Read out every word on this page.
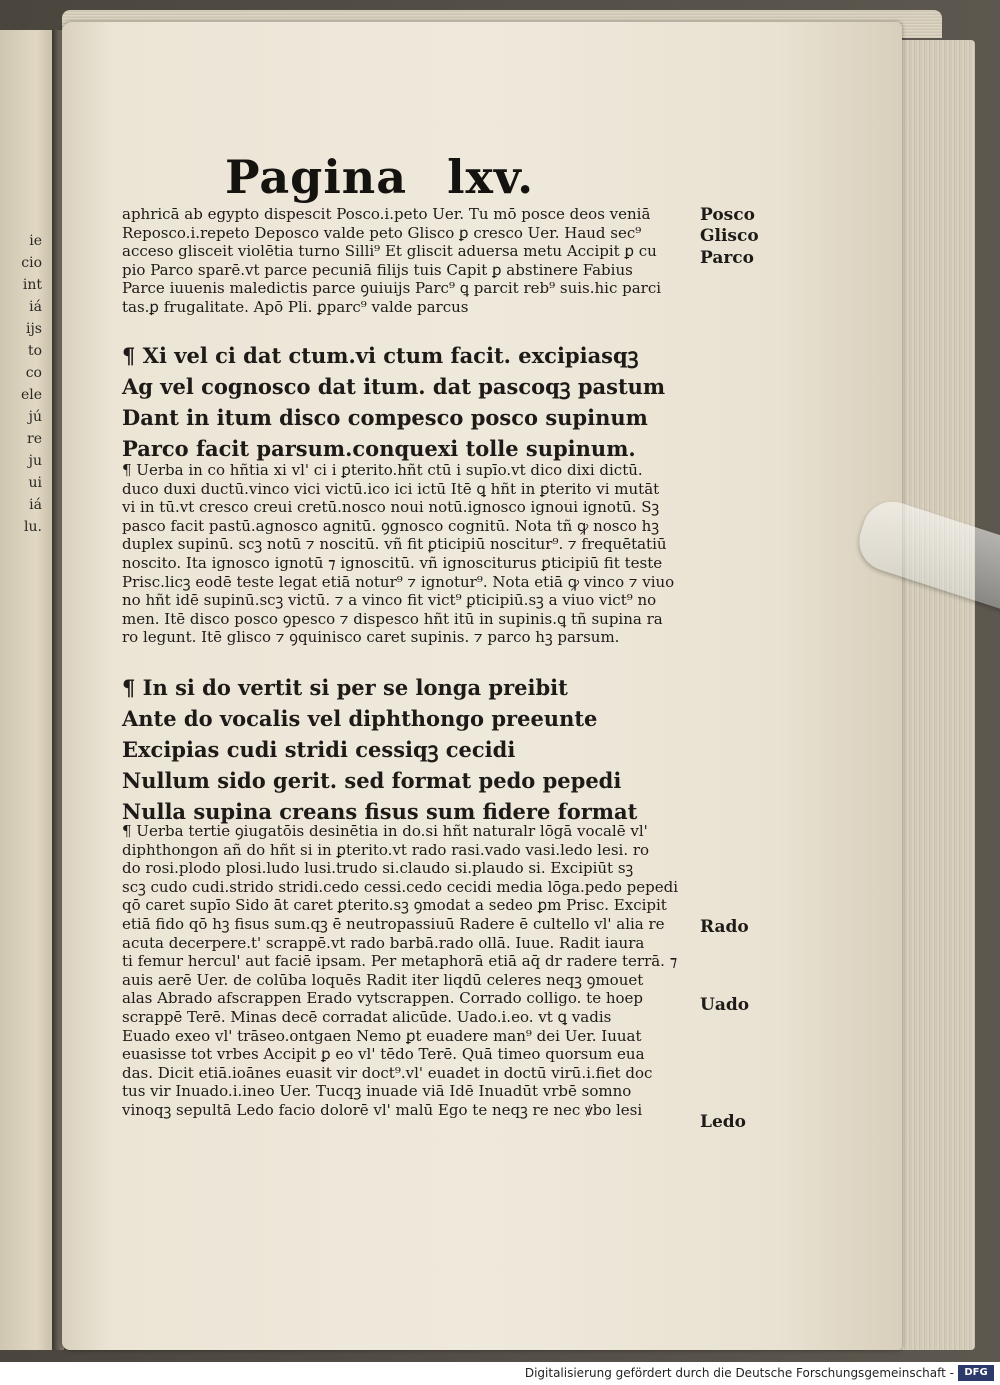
ie
cio
int
iá
ijs
to
co
ele
jú
re
ju
ui
iá
lu.
Pagina lxv.
aphricā ab egypto dispescit Posco.i.peto Uer. Tu mō posce deos veniā
Reposco.i.repeto Deposco valde peto Glisco ꝑ cresco Uer. Haud sec⁹
acceso glisceit violētia turno Silli⁹ Et gliscit aduersa metu Accipit ꝑ cu
pio Parco sparē.vt parce pecuniā filijs tuis Capit ꝑ abstinere Fabius
Parce iuuenis maledictis parce ꝯuiuijs Parc⁹ ꝗ parcit reb⁹ suis.hic parci
tas.ꝑ frugalitate. Apō Pli. ꝑparc⁹ valde parcus
¶ Xi vel ci dat ctum.vi ctum facit. excipiasqꝫ
Ag vel cognosco dat itum. dat pascoqꝫ pastum
Dant in itum disco compesco posco supinum
Parco facit parsum.conquexi tolle supinum.
¶ Uerba in co hñtia xi vl' ci i ꝑterito.hñt ctū i supīo.vt dico dixi dictū.
duco duxi ductū.vinco vici victū.ico ici ictū Itē ꝗ hñt in ꝑterito vi mutāt
vi in tū.vt cresco creui cretū.nosco noui notū.ignosco ignoui ignotū. Sꝫ
pasco facit pastū.agnosco agnitū. ꝯgnosco cognitū. Nota tñ ꝙ nosco hꝫ
duplex supinū. scꝫ notū ⁊ noscitū. vñ fit ꝑticipiū noscitur⁹. ⁊ frequētatiū
noscito. Ita ignosco ignotū ⁊ ignoscitū. vñ ignosciturus ꝑticipiū fit teste
Prisc.licꝫ eodē teste legat etiā notur⁹ ⁊ ignotur⁹. Nota etiā ꝙ vinco ⁊ viuo
no hñt idē supinū.scꝫ victū. ⁊ a vinco fit vict⁹ ꝑticipiū.sꝫ a viuo vict⁹ no
men. Itē disco posco ꝯpesco ⁊ dispesco hñt itū in supinis.ꝗ tñ supina ra
ro legunt. Itē glisco ⁊ ꝯquinisco caret supinis. ⁊ parco hꝫ parsum.
¶ In si do vertit si per se longa preibit
Ante do vocalis vel diphthongo preeunte
Excipias cudi stridi cessiqꝫ cecidi
Nullum sido gerit. sed format pedo pepedi
Nulla supina creans fisus sum fidere format
¶ Uerba tertie ꝯiugatōis desinētia in do.si hñt naturalr lōgā vocalē vl'
diphthongon añ do hñt si in ꝑterito.vt rado rasi.vado vasi.ledo lesi. ro
do rosi.plodo plosi.ludo lusi.trudo si.claudo si.plaudo si. Excipiūt sꝫ
scꝫ cudo cudi.strido stridi.cedo cessi.cedo cecidi media lōga.pedo pepedi
qō caret supīo Sido āt caret ꝑterito.sꝫ ꝯmodat a sedeo ꝑm Prisc. Excipit
etiā fido qō hꝫ fisus sum.qꝫ ē neutropassiuū Radere ē cultello vl' alia re
acuta decerpere.t' scrappē.vt rado barbā.rado ollā. Iuue. Radit iaura
ti femur hercul' aut faciē ipsam. Per metaphorā etiā aq̄ dr radere terrā. ⁊
auis aerē Uer. de colūba loquēs Radit iter liqdū celeres neqꝫ ꝯmouet
alas Abrado afscrappen Erado vytscrappen. Corrado colligo. te hoep
scrappē Terē. Minas decē corradat alicūde. Uado.i.eo. vt ꝗ vadis
Euado exeo vl' trāseo.ontgaen Nemo ꝑt euadere man⁹ dei Uer. Iuuat
euasisse tot vrbes Accipit ꝑ eo vl' tēdo Terē. Quā timeo quorsum eua
das. Dicit etiā.ioānes euasit vir doct⁹.vl' euadet in doctū virū.i.fiet doc
tus vir Inuado.i.ineo Uer. Tucqꝫ inuade viā Idē Inuadūt vrbē somno
vinoqꝫ sepultā Ledo facio dolorē vl' malū Ego te neqꝫ re nec ꝟbo lesi
Posco
Glisco
Parco
Rado
Uado
Ledo
Digitalisierung gefördert durch die Deutsche Forschungsgemeinschaft -	DFG
